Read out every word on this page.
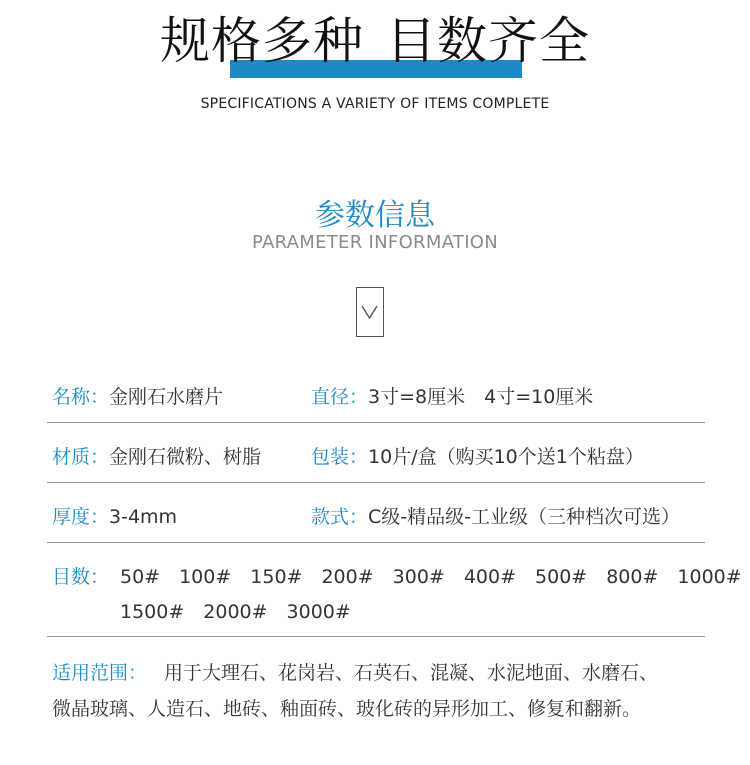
规格多种 目数齐全
SPECIFICATIONS A VARIETY OF ITEMS COMPLETE
参数信息
PARAMETER INFORMATION
名称：金刚石水磨片	直径：3寸=8厘米　4寸=10厘米
材质：金刚石微粉、树脂	包装：10片/盒（购买10个送1个粘盘）
厚度：3-4mm	款式：C级-精品级-工业级（三种档次可选）
目数： 50#　100#　150#　200#　300#　400#　500#　800#　1000#
1500#　2000#　3000#
适用范围： 用于大理石、花岗岩、石英石、混凝、水泥地面、水磨石、
微晶玻璃、人造石、地砖、釉面砖、玻化砖的异形加工、修复和翻新。
